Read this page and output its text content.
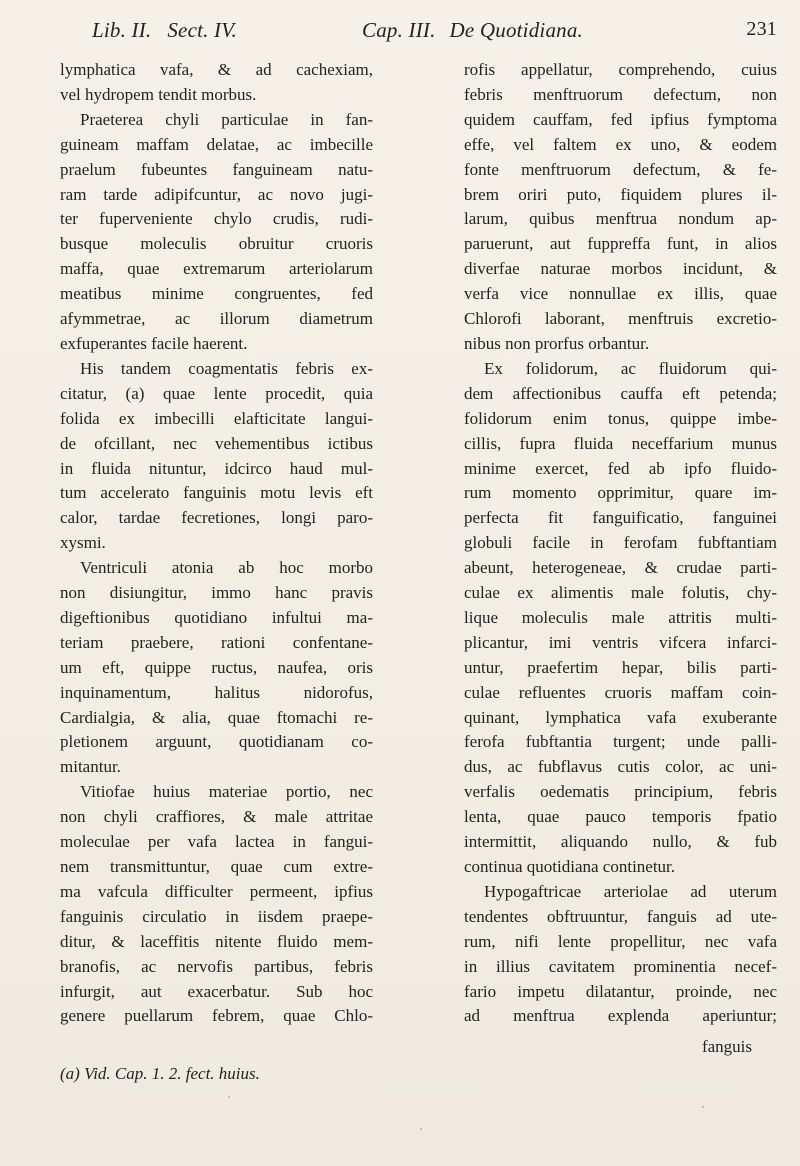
Lib. II. Sect. IV.	Cap. III. De Quotidiana.	231
lymphatica vafa, & ad cachexiam,
vel hydropem tendit morbus.
Praeterea chyli particulae in fan-
guineam maffam delatae, ac imbecille
praelum fubeuntes fanguineam natu-
ram tarde adipifcuntur, ac novo jugi-
ter fuperveniente chylo crudis, rudi-
busque moleculis obruitur cruoris
maffa, quae extremarum arteriolarum
meatibus minime congruentes, fed
afymmetrae, ac illorum diametrum
exfuperantes facile haerent.
His tandem coagmentatis febris ex-
citatur, (a) quae lente procedit, quia
folida ex imbecilli elafticitate langui-
de ofcillant, nec vehementibus ictibus
in fluida nituntur, idcirco haud mul-
tum accelerato fanguinis motu levis eft
calor, tardae fecretiones, longi paro-
xysmi.
Ventriculi atonia ab hoc morbo
non disiungitur, immo hanc pravis
digeftionibus quotidiano infultui ma-
teriam praebere, rationi confentane-
um eft, quippe ructus, naufea, oris
inquinamentum, halitus nidorofus,
Cardialgia, & alia, quae ftomachi re-
pletionem arguunt, quotidianam co-
mitantur.
Vitiofae huius materiae portio, nec
non chyli craffiores, & male attritae
moleculae per vafa lactea in fangui-
nem transmittuntur, quae cum extre-
ma vafcula difficulter permeent, ipfius
fanguinis circulatio in iisdem praepe-
ditur, & laceffitis nitente fluido mem-
branofis, ac nervofis partibus, febris
infurgit, aut exacerbatur. Sub hoc
genere puellarum febrem, quae Chlo-
rofis appellatur, comprehendo, cuius
febris menftruorum defectum, non
quidem cauffam, fed ipfius fymptoma
effe, vel faltem ex uno, & eodem
fonte menftruorum defectum, & fe-
brem oriri puto, fiquidem plures il-
larum, quibus menftrua nondum ap-
paruerunt, aut fuppreffa funt, in alios
diverfae naturae morbos incidunt, &
verfa vice nonnullae ex illis, quae
Chlorofi laborant, menftruis excretio-
nibus non prorfus orbantur.
Ex folidorum, ac fluidorum qui-
dem affectionibus cauffa eft petenda;
folidorum enim tonus, quippe imbe-
cillis, fupra fluida neceffarium munus
minime exercet, fed ab ipfo fluido-
rum momento opprimitur, quare im-
perfecta fit fanguificatio, fanguinei
globuli facile in ferofam fubftantiam
abeunt, heterogeneae, & crudae parti-
culae ex alimentis male folutis, chy-
lique moleculis male attritis multi-
plicantur, imi ventris vifcera infarci-
untur, praefertim hepar, bilis parti-
culae refluentes cruoris maffam coin-
quinant, lymphatica vafa exuberante
ferofa fubftantia turgent; unde palli-
dus, ac fubflavus cutis color, ac uni-
verfalis oedematis principium, febris
lenta, quae pauco temporis fpatio
intermittit, aliquando nullo, & fub
continua quotidiana continetur.
Hypogaftricae arteriolae ad uterum
tendentes obftruuntur, fanguis ad ute-
rum, nifi lente propellitur, nec vafa
in illius cavitatem prominentia necef-
fario impetu dilatantur, proinde, nec
ad menftrua explenda aperiuntur;
fanguis
(a) Vid. Cap. 1. 2. fect. huius.
